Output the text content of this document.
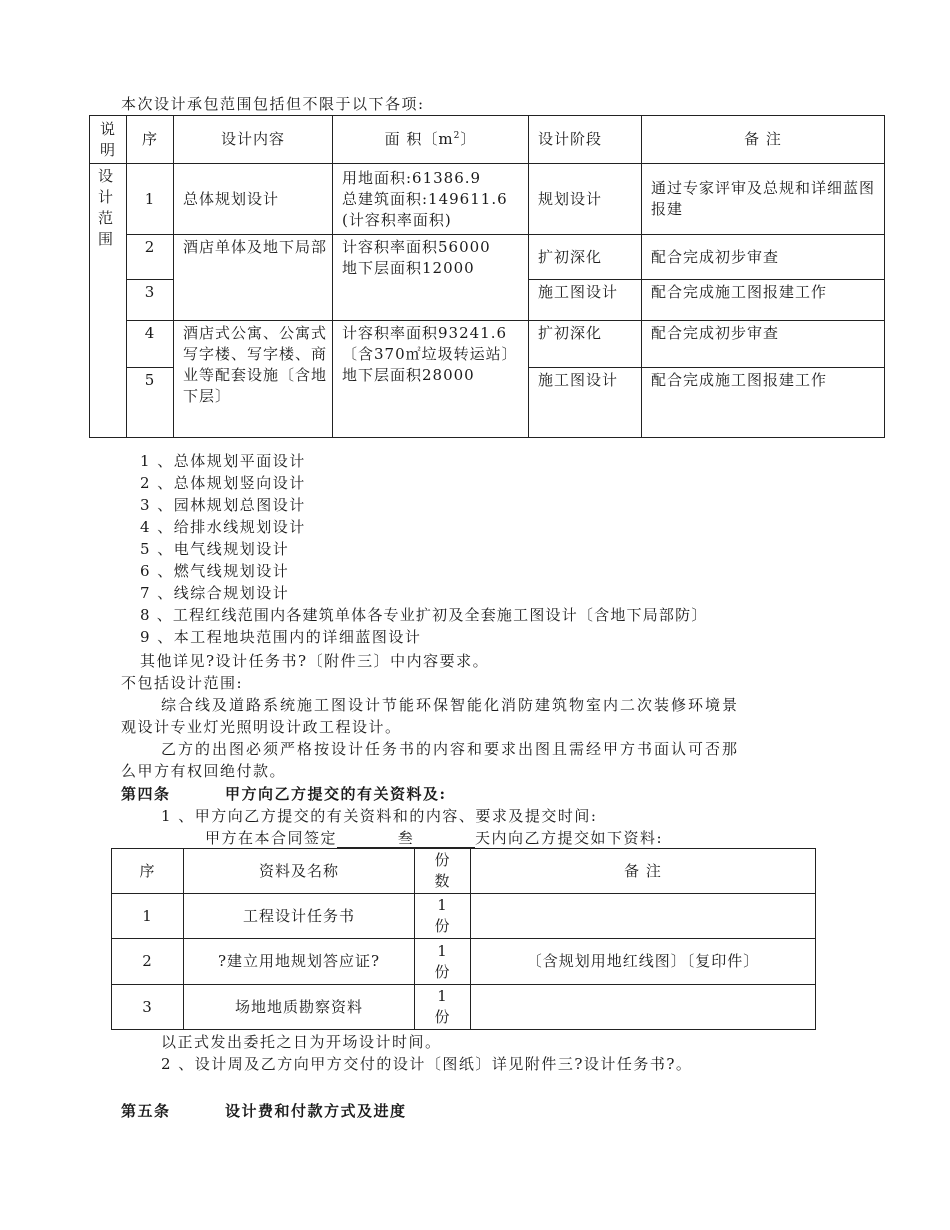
本次设计承包范围包括但不限于以下各项:
说明	序	设计内容	面 积〔$m^2$〕	设计阶段	备 注
设计范围	1	总体规划设计	用地面积:61386.9
总建筑面积:149611.6
(计容积率面积)	规划设计	通过专家评审及总规和详细蓝图报建
	2	酒店单体及地下局部	计容积率面积56000
地下层面积12000	扩初深化	配合完成初步审查
	3			施工图设计	配合完成施工图报建工作
	4	酒店式公寓、公寓式写字楼、写字楼、商业等配套设施〔含地下层〕	计容积率面积93241.6〔含370㎡垃圾转运站〕
地下层面积28000	扩初深化	配合完成初步审查
	5			施工图设计	配合完成施工图报建工作
1 、总体规划平面设计
2 、总体规划竖向设计
3 、园林规划总图设计
4 、给排水线规划设计
5 、电气线规划设计
6 、燃气线规划设计
7 、线综合规划设计
8 、工程红线范围内各建筑单体各专业扩初及全套施工图设计〔含地下局部防〕
9 、本工程地块范围内的详细蓝图设计
其他详见?设计任务书?〔附件三〕中内容要求。
不包括设计范围:
综合线及道路系统施工图设计节能环保智能化消防建筑物室内二次装修环境景
观设计专业灯光照明设计政工程设计。
乙方的出图必须严格按设计任务书的内容和要求出图且需经甲方书面认可否那
么甲方有权回绝付款。
第四条	甲方向乙方提交的有关资料及:
1 、甲方向乙方提交的有关资料和的内容、要求及提交时间:
甲方在本合同签定	叁	天内向乙方提交如下资料:
序	资料及名称	份数	备 注
1	工程设计任务书	1份	
2	?建立用地规划答应证?	1份	〔含规划用地红线图〕〔复印件〕
3	场地地质勘察资料	1份	
以正式发出委托之日为开场设计时间。
2 、设计周及乙方向甲方交付的设计〔图纸〕详见附件三?设计任务书?。
第五条	设计费和付款方式及进度
